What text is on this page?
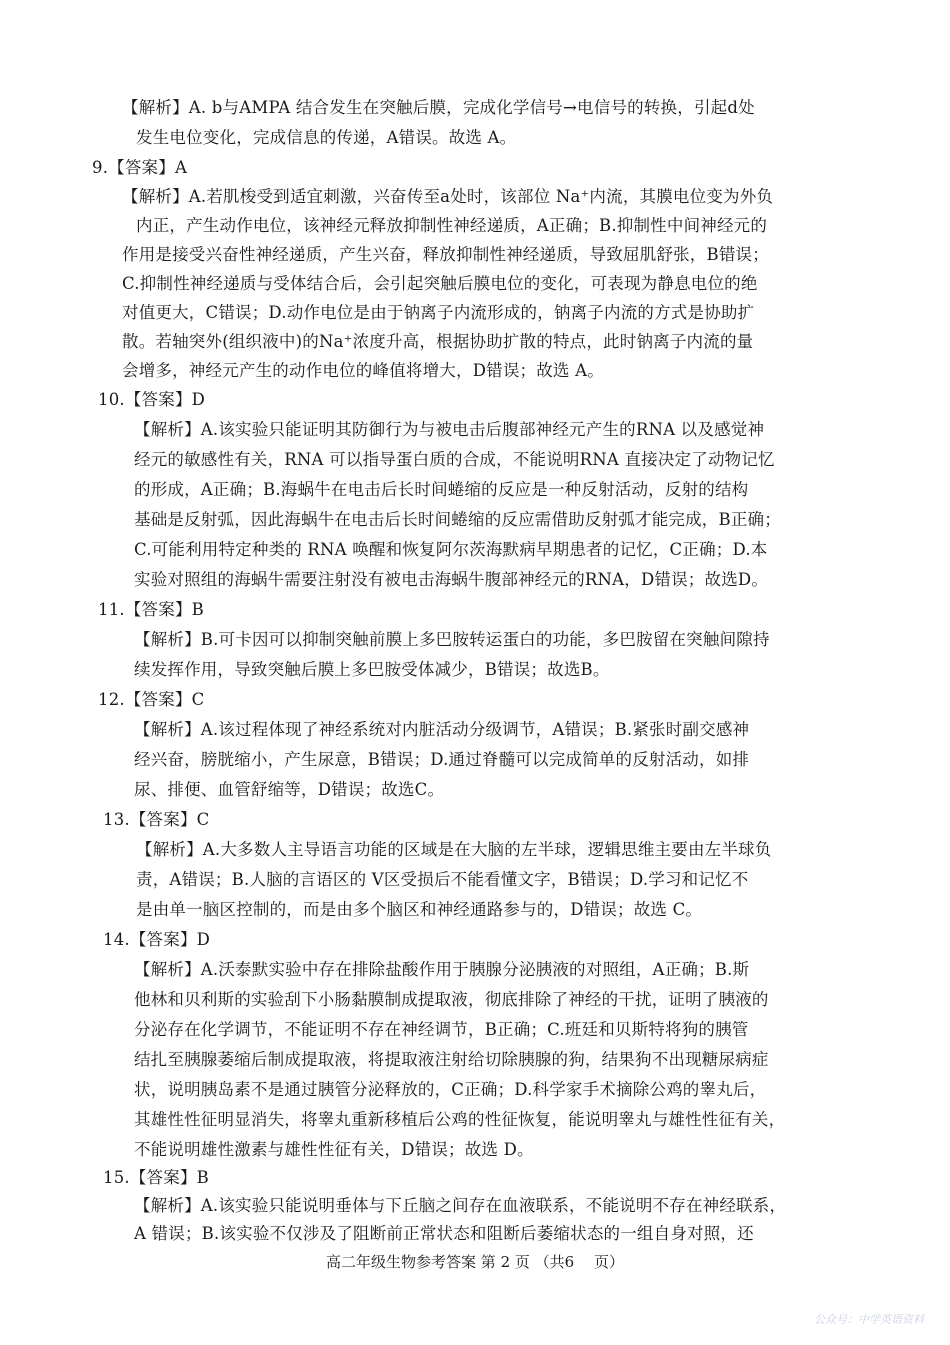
【解析】A. b与AMPA 结合发生在突触后膜，完成化学信号→电信号的转换，引起d处
发生电位变化，完成信息的传递，A错误。故选 A。
9.【答案】A
【解析】A.若肌梭受到适宜刺激，兴奋传至a处时，该部位 Na⁺内流，其膜电位变为外负
内正，产生动作电位，该神经元释放抑制性神经递质，A正确；B.抑制性中间神经元的
作用是接受兴奋性神经递质，产生兴奋，释放抑制性神经递质，导致屈肌舒张，B错误；
C.抑制性神经递质与受体结合后，会引起突触后膜电位的变化，可表现为静息电位的绝
对值更大，C错误；D.动作电位是由于钠离子内流形成的，钠离子内流的方式是协助扩
散。若轴突外(组织液中)的Na⁺浓度升高，根据协助扩散的特点，此时钠离子内流的量
会增多，神经元产生的动作电位的峰值将增大，D错误；故选 A。
10.【答案】D
【解析】A.该实验只能证明其防御行为与被电击后腹部神经元产生的RNA 以及感觉神
经元的敏感性有关，RNA 可以指导蛋白质的合成，不能说明RNA 直接决定了动物记忆
的形成，A正确；B.海蜗牛在电击后长时间蜷缩的反应是一种反射活动，反射的结构
基础是反射弧，因此海蜗牛在电击后长时间蜷缩的反应需借助反射弧才能完成，B正确；
C.可能利用特定种类的 RNA 唤醒和恢复阿尔茨海默病早期患者的记忆，C正确；D.本
实验对照组的海蜗牛需要注射没有被电击海蜗牛腹部神经元的RNA，D错误；故选D。
11.【答案】B
【解析】B.可卡因可以抑制突触前膜上多巴胺转运蛋白的功能，多巴胺留在突触间隙持
续发挥作用，导致突触后膜上多巴胺受体减少，B错误；故选B。
12.【答案】C
【解析】A.该过程体现了神经系统对内脏活动分级调节，A错误；B.紧张时副交感神
经兴奋，膀胱缩小，产生尿意，B错误；D.通过脊髓可以完成简单的反射活动，如排
尿、排便、血管舒缩等，D错误；故选C。
13.【答案】C
【解析】A.大多数人主导语言功能的区域是在大脑的左半球，逻辑思维主要由左半球负
责，A错误；B.人脑的言语区的 V区受损后不能看懂文字，B错误；D.学习和记忆不
是由单一脑区控制的，而是由多个脑区和神经通路参与的，D错误；故选 C。
14.【答案】D
【解析】A.沃泰默实验中存在排除盐酸作用于胰腺分泌胰液的对照组，A正确；B.斯
他林和贝利斯的实验刮下小肠黏膜制成提取液，彻底排除了神经的干扰，证明了胰液的
分泌存在化学调节，不能证明不存在神经调节，B正确；C.班廷和贝斯特将狗的胰管
结扎至胰腺萎缩后制成提取液，将提取液注射给切除胰腺的狗，结果狗不出现糖尿病症
状，说明胰岛素不是通过胰管分泌释放的，C正确；D.科学家手术摘除公鸡的睾丸后，
其雄性性征明显消失，将睾丸重新移植后公鸡的性征恢复，能说明睾丸与雄性性征有关，
不能说明雄性激素与雄性性征有关，D错误；故选 D。
15.【答案】B
【解析】A.该实验只能说明垂体与下丘脑之间存在血液联系，不能说明不存在神经联系，
A 错误；B.该实验不仅涉及了阻断前正常状态和阻断后萎缩状态的一组自身对照，还
高二年级生物参考答案 第 2 页 （共6　 页）
公众号：中学英语资料
